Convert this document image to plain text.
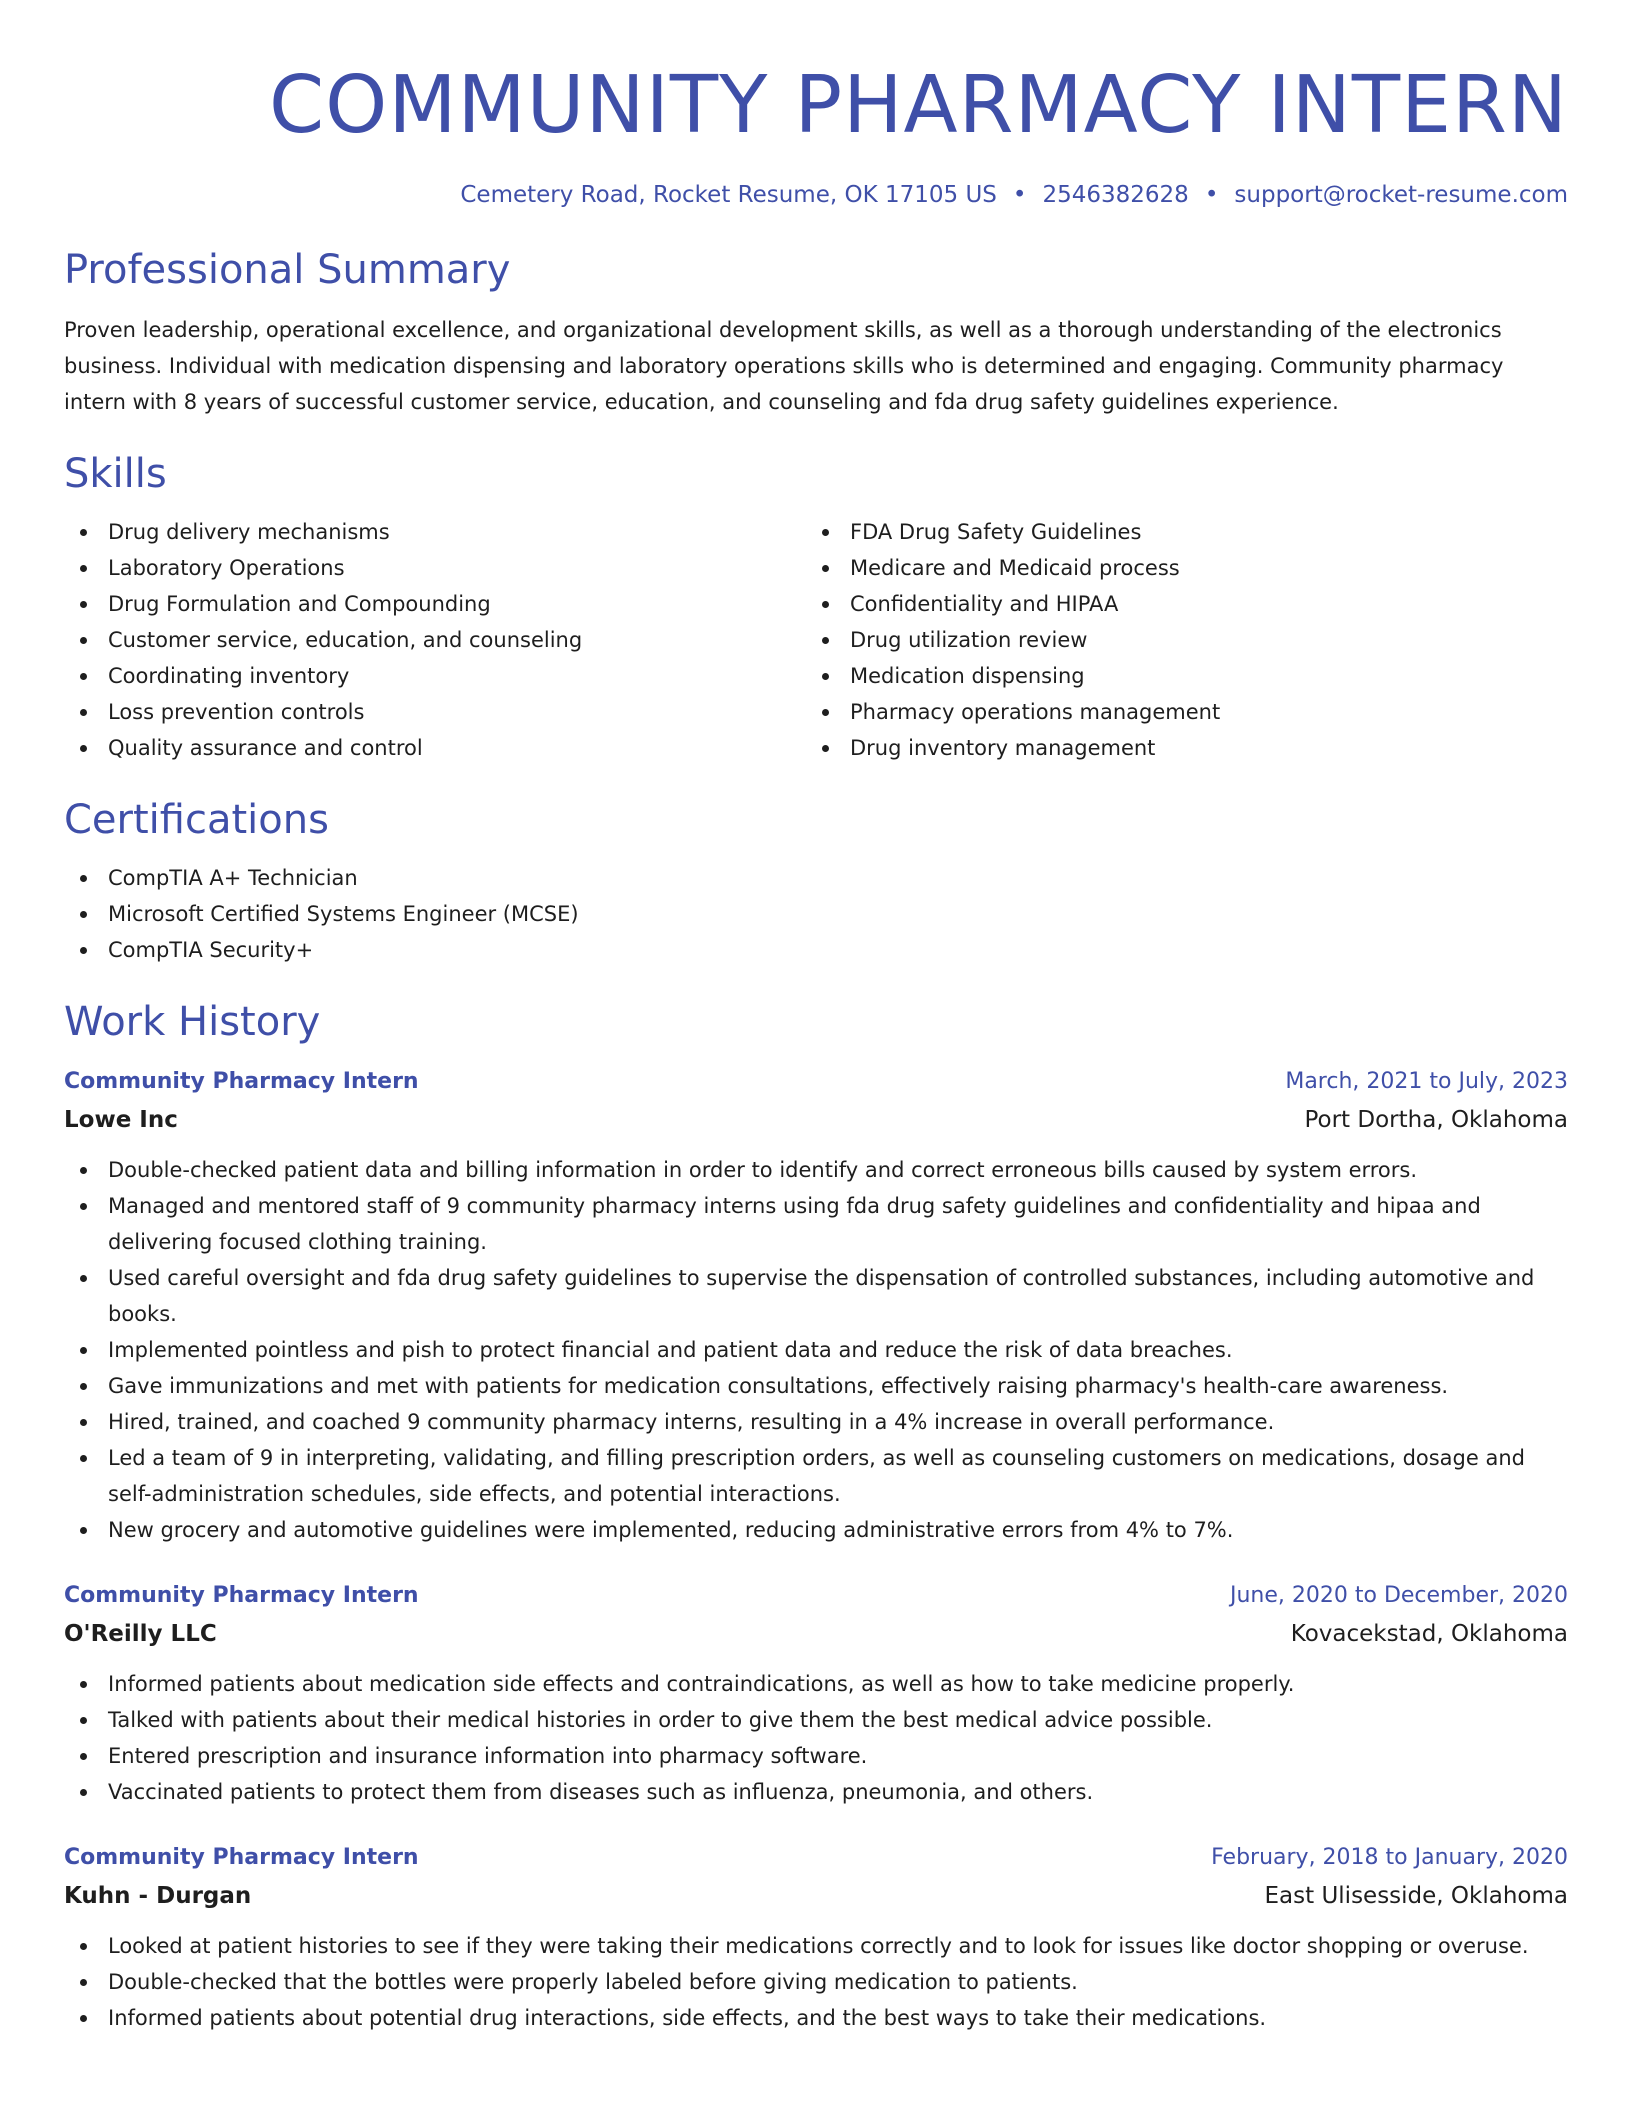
COMMUNITY PHARMACY INTERN
Cemetery Road, Rocket Resume, OK 17105 US • 2546382628 • support@rocket-resume.com
Professional Summary

Proven leadership, operational excellence, and organizational development skills, as well as a thorough understanding of the electronics business. Individual with medication dispensing and laboratory operations skills who is determined and engaging. Community pharmacy intern with 8 years of successful customer service, education, and counseling and fda drug safety guidelines experience.

Skills
Drug delivery mechanisms
Laboratory Operations
Drug Formulation and Compounding
Customer service, education, and counseling
Coordinating inventory
Loss prevention controls
Quality assurance and control
FDA Drug Safety Guidelines
Medicare and Medicaid process
Confidentiality and HIPAA
Drug utilization review
Medication dispensing
Pharmacy operations management
Drug inventory management
Certifications
CompTIA A+ Technician
Microsoft Certified Systems Engineer (MCSE)
CompTIA Security+
Work History
Community Pharmacy Intern	March, 2021 to July, 2023
Lowe Inc	Port Dortha, Oklahoma
Double-checked patient data and billing information in order to identify and correct erroneous bills caused by system errors.
Managed and mentored staff of 9 community pharmacy interns using fda drug safety guidelines and confidentiality and hipaa and delivering focused clothing training.
Used careful oversight and fda drug safety guidelines to supervise the dispensation of controlled substances, including automotive and books.
Implemented pointless and pish to protect financial and patient data and reduce the risk of data breaches.
Gave immunizations and met with patients for medication consultations, effectively raising pharmacy's health-care awareness.
Hired, trained, and coached 9 community pharmacy interns, resulting in a 4% increase in overall performance.
Led a team of 9 in interpreting, validating, and filling prescription orders, as well as counseling customers on medications, dosage and self-administration schedules, side effects, and potential interactions.
New grocery and automotive guidelines were implemented, reducing administrative errors from 4% to 7%.
Community Pharmacy Intern	June, 2020 to December, 2020
O'Reilly LLC	Kovacekstad, Oklahoma
Informed patients about medication side effects and contraindications, as well as how to take medicine properly.
Talked with patients about their medical histories in order to give them the best medical advice possible.
Entered prescription and insurance information into pharmacy software.
Vaccinated patients to protect them from diseases such as influenza, pneumonia, and others.
Community Pharmacy Intern	February, 2018 to January, 2020
Kuhn - Durgan	East Ulisesside, Oklahoma
Looked at patient histories to see if they were taking their medications correctly and to look for issues like doctor shopping or overuse.
Double-checked that the bottles were properly labeled before giving medication to patients.
Informed patients about potential drug interactions, side effects, and the best ways to take their medications.
